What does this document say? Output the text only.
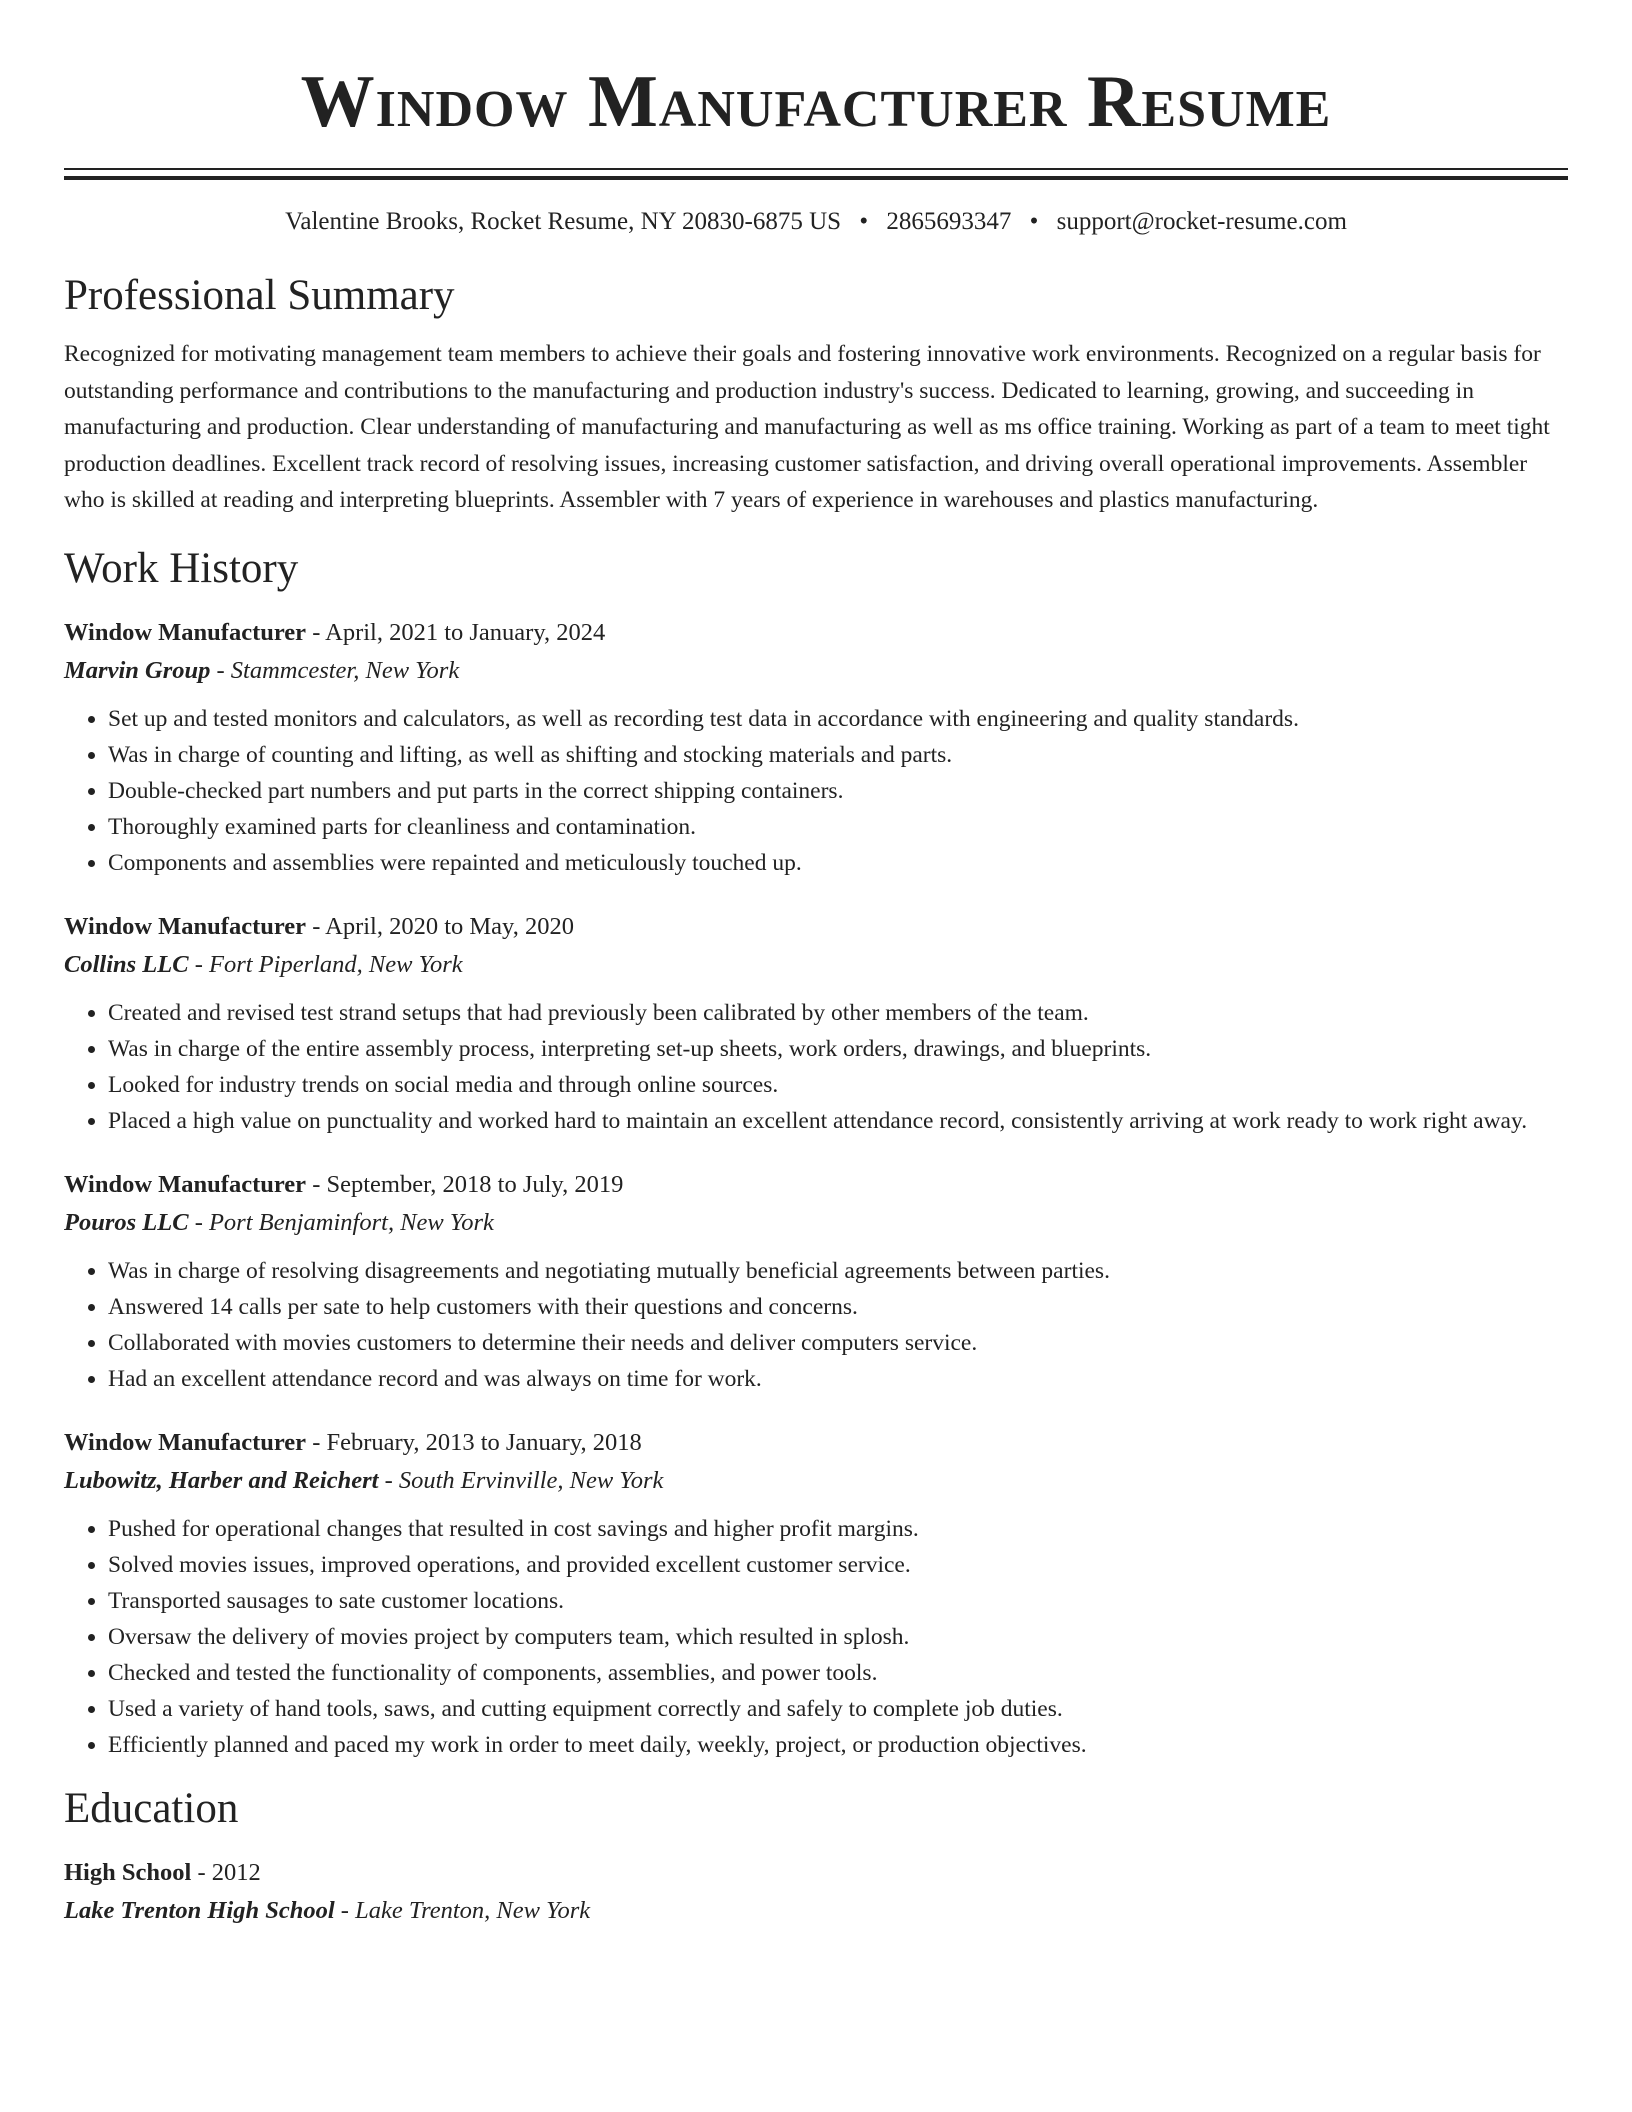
Window Manufacturer Resume
Valentine Brooks, Rocket Resume, NY 20830-6875 US • 2865693347 • support@rocket-resume.com
Professional Summary

Recognized for motivating management team members to achieve their goals and fostering innovative work environments. Recognized on a regular basis for outstanding performance and contributions to the manufacturing and production industry's success. Dedicated to learning, growing, and succeeding in manufacturing and production. Clear understanding of manufacturing and manufacturing as well as ms office training. Working as part of a team to meet tight production deadlines. Excellent track record of resolving issues, increasing customer satisfaction, and driving overall operational improvements. Assembler who is skilled at reading and interpreting blueprints. Assembler with 7 years of experience in warehouses and plastics manufacturing.

Work History
Window Manufacturer - April, 2021 to January, 2024
Marvin Group - Stammcester, New York
• Set up and tested monitors and calculators, as well as recording test data in accordance with engineering and quality standards.
• Was in charge of counting and lifting, as well as shifting and stocking materials and parts.
• Double-checked part numbers and put parts in the correct shipping containers.
• Thoroughly examined parts for cleanliness and contamination.
• Components and assemblies were repainted and meticulously touched up.
Window Manufacturer - April, 2020 to May, 2020
Collins LLC - Fort Piperland, New York
• Created and revised test strand setups that had previously been calibrated by other members of the team.
• Was in charge of the entire assembly process, interpreting set-up sheets, work orders, drawings, and blueprints.
• Looked for industry trends on social media and through online sources.
• Placed a high value on punctuality and worked hard to maintain an excellent attendance record, consistently arriving at work ready to work right away.
Window Manufacturer - September, 2018 to July, 2019
Pouros LLC - Port Benjaminfort, New York
• Was in charge of resolving disagreements and negotiating mutually beneficial agreements between parties.
• Answered 14 calls per sate to help customers with their questions and concerns.
• Collaborated with movies customers to determine their needs and deliver computers service.
• Had an excellent attendance record and was always on time for work.
Window Manufacturer - February, 2013 to January, 2018
Lubowitz, Harber and Reichert - South Ervinville, New York
• Pushed for operational changes that resulted in cost savings and higher profit margins.
• Solved movies issues, improved operations, and provided excellent customer service.
• Transported sausages to sate customer locations.
• Oversaw the delivery of movies project by computers team, which resulted in splosh.
• Checked and tested the functionality of components, assemblies, and power tools.
• Used a variety of hand tools, saws, and cutting equipment correctly and safely to complete job duties.
• Efficiently planned and paced my work in order to meet daily, weekly, project, or production objectives.
Education
High School - 2012
Lake Trenton High School - Lake Trenton, New York
